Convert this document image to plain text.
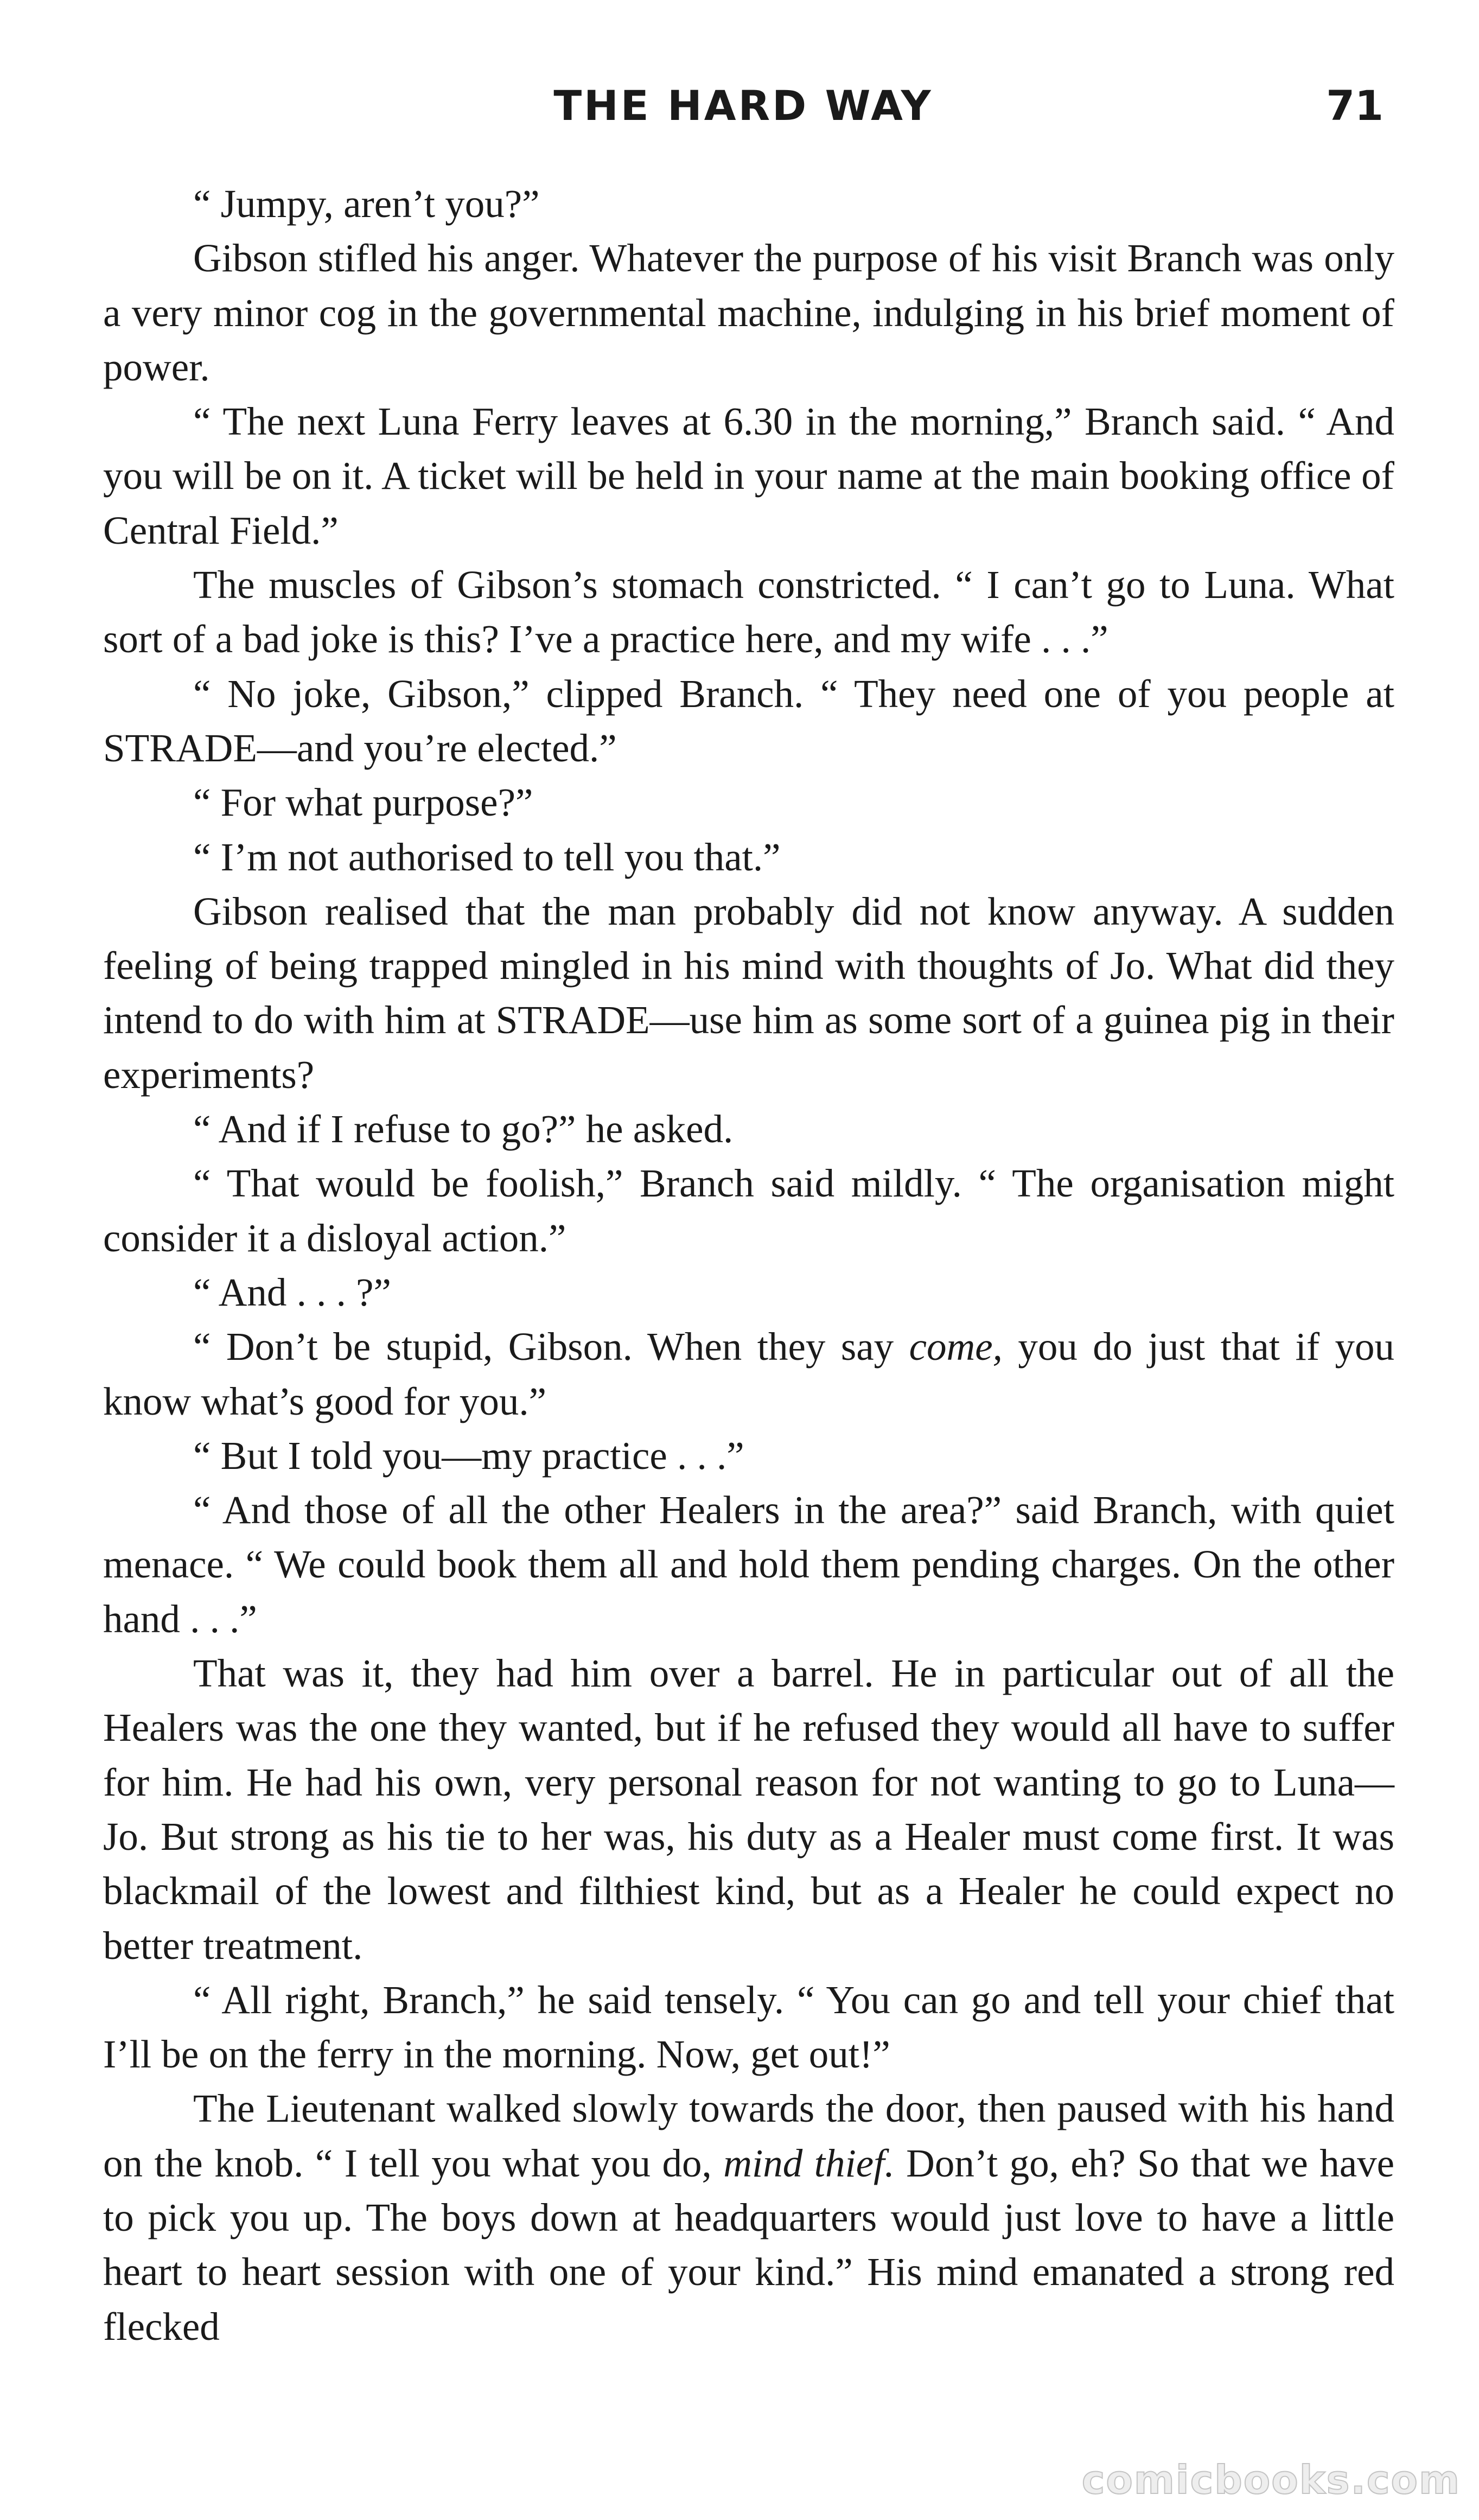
THE HARD WAY	71

“ Jumpy, aren’t you?”

Gibson stifled his anger. Whatever the purpose of his visit Branch was only a very minor cog in the governmental machine, indulging in his brief moment of power.

“ The next Luna Ferry leaves at 6.30 in the morning,” Branch said. “ And you will be on it. A ticket will be held in your name at the main booking office of Central Field.”

The muscles of Gibson’s stomach constricted. “ I can’t go to Luna. What sort of a bad joke is this? I’ve a practice here, and my wife . . .”

“ No joke, Gibson,” clipped Branch. “ They need one of you people at STRADE—and you’re elected.”

“ For what purpose?”

“ I’m not authorised to tell you that.”

Gibson realised that the man probably did not know anyway. A sudden feeling of being trapped mingled in his mind with thoughts of Jo. What did they intend to do with him at STRADE—use him as some sort of a guinea pig in their experiments?

“ And if I refuse to go?” he asked.

“ That would be foolish,” Branch said mildly. “ The organisation might consider it a disloyal action.”

“ And . . . ?”

“ Don’t be stupid, Gibson. When they say come, you do just that if you know what’s good for you.”

“ But I told you—my practice . . .”

“ And those of all the other Healers in the area?” said Branch, with quiet menace. “ We could book them all and hold them pending charges. On the other hand . . .”

That was it, they had him over a barrel. He in particular out of all the Healers was the one they wanted, but if he refused they would all have to suffer for him. He had his own, very personal reason for not wanting to go to Luna—Jo. But strong as his tie to her was, his duty as a Healer must come first. It was blackmail of the lowest and filthiest kind, but as a Healer he could expect no better treatment.

“ All right, Branch,” he said tensely. “ You can go and tell your chief that I’ll be on the ferry in the morning. Now, get out!”

The Lieutenant walked slowly towards the door, then paused with his hand on the knob. “ I tell you what you do, mind thief. Don’t go, eh? So that we have to pick you up. The boys down at headquarters would just love to have a little heart to heart session with one of your kind.” His mind emanated a strong red flecked

comicbooks.com
